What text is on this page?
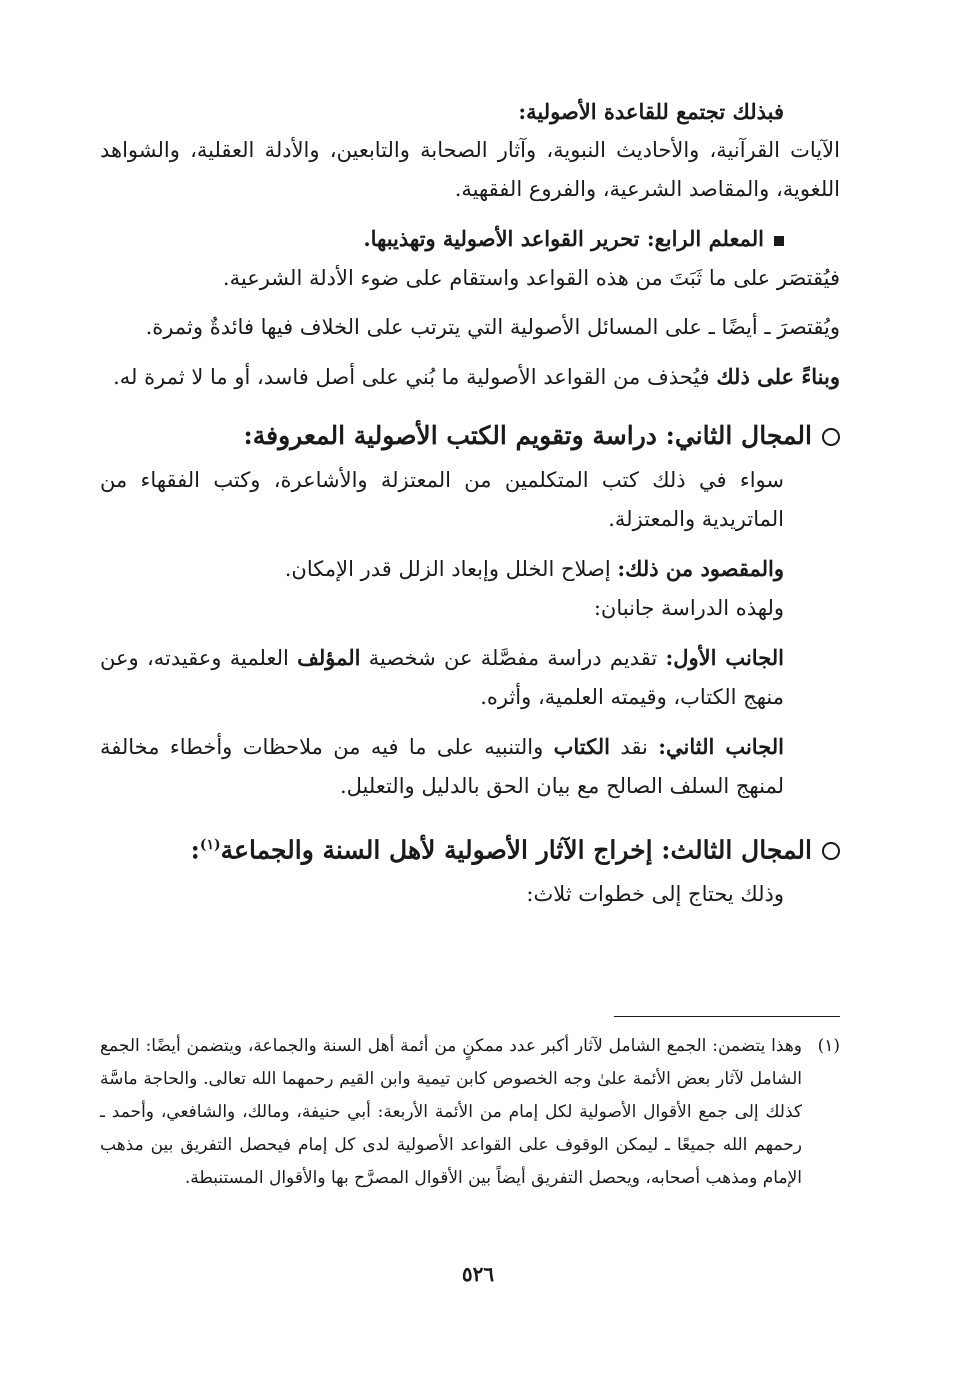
فبذلك تجتمع للقاعدة الأصولية:

الآيات القرآنية، والأحاديث النبوية، وآثار الصحابة والتابعين، والأدلة العقلية، والشواهد اللغوية، والمقاصد الشرعية، والفروع الفقهية.

المعلم الرابع: تحرير القواعد الأصولية وتهذيبها.

فيُقتصَر على ما ثَبَتَ من هذه القواعد واستقام على ضوء الأدلة الشرعية.

ويُقتصرَ ـ أيضًا ـ على المسائل الأصولية التي يترتب على الخلاف فيها فائدةٌ وثمرة.

وبناءً على ذلك فيُحذف من القواعد الأصولية ما بُني على أصل فاسد، أو ما لا ثمرة له.

المجال الثاني: دراسة وتقويم الكتب الأصولية المعروفة:

سواء في ذلك كتب المتكلمين من المعتزلة والأشاعرة، وكتب الفقهاء من الماتريدية والمعتزلة.

والمقصود من ذلك: إصلاح الخلل وإبعاد الزلل قدر الإمكان.

ولهذه الدراسة جانبان:

الجانب الأول: تقديم دراسة مفصَّلة عن شخصية المؤلف العلمية وعقيدته، وعن منهج الكتاب، وقيمته العلمية، وأثره.

الجانب الثاني: نقد الكتاب والتنبيه على ما فيه من ملاحظات وأخطاء مخالفة لمنهج السلف الصالح مع بيان الحق بالدليل والتعليل.

المجال الثالث: إخراج الآثار الأصولية لأهل السنة والجماعة$^{(١)}$:

وذلك يحتاج إلى خطوات ثلاث:

(١)
وهذا يتضمن: الجمع الشامل لآثار أكبر عدد ممكنٍ من أئمة أهل السنة والجماعة، ويتضمن أيضًا: الجمع الشامل لآثار بعض الأئمة علىٰ وجه الخصوص كابن تيمية وابن القيم رحمهما الله تعالى. والحاجة ماسَّة كذلك إلى جمع الأقوال الأصولية لكل إمام من الأئمة الأربعة: أبي حنيفة، ومالك، والشافعي، وأحمد ـ رحمهم الله جميعًا ـ ليمكن الوقوف على القواعد الأصولية لدى كل إمام فيحصل التفريق بين مذهب الإمام ومذهب أصحابه، ويحصل التفريق أيضاً بين الأقوال المصرَّح بها والأقوال المستنبطة.
٥٢٦
